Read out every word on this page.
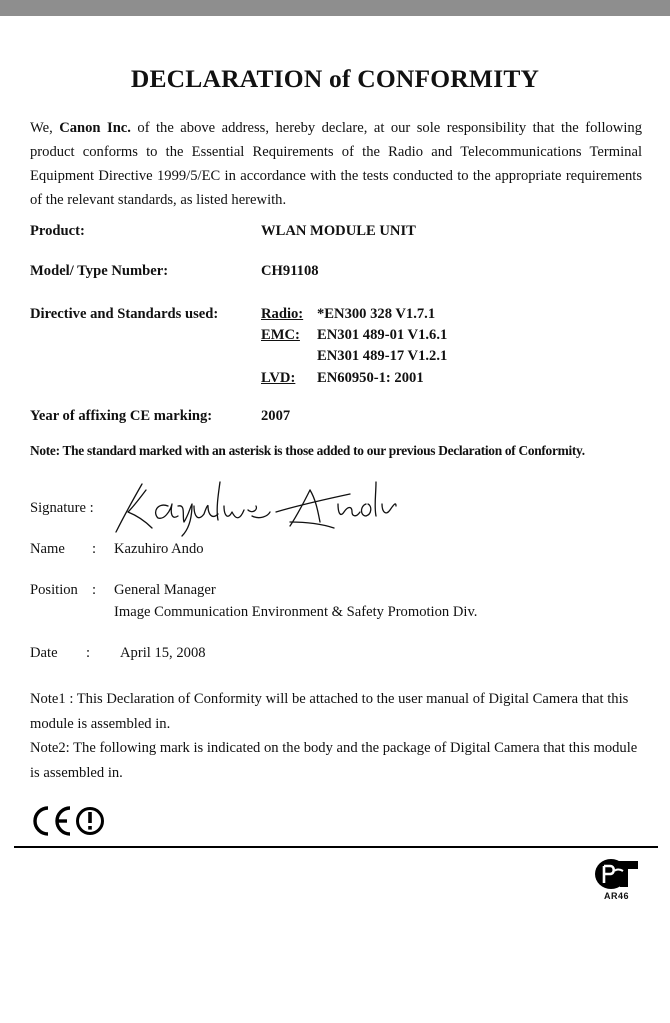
DECLARATION of CONFORMITY
We, Canon Inc. of the above address, hereby declare, at our sole responsibility that the following product conforms to the Essential Requirements of the Radio and Telecommunications Terminal Equipment Directive 1999/5/EC in accordance with the tests conducted to the appropriate requirements of the relevant standards, as listed herewith.
Product:	WLAN MODULE UNIT
Model/ Type Number:	CH91108
Directive and Standards used:	Radio: *EN300 328 V1.7.1
EMC: EN301 489-01 V1.6.1
EN301 489-17 V1.2.1
LVD: EN60950-1: 2001
Year of affixing CE marking:	2007
Note: The standard marked with an asterisk is those added to our previous Declaration of Conformity.
Signature :
Name : Kazuhiro Ando
Position : General Manager
Image Communication Environment & Safety Promotion Div.
Date : April 15, 2008
Note1 : This Declaration of Conformity will be attached to the user manual of Digital Camera that this module is assembled in.
Note2: The following mark is indicated on the body and the package of Digital Camera that this module is assembled in.
AR46
